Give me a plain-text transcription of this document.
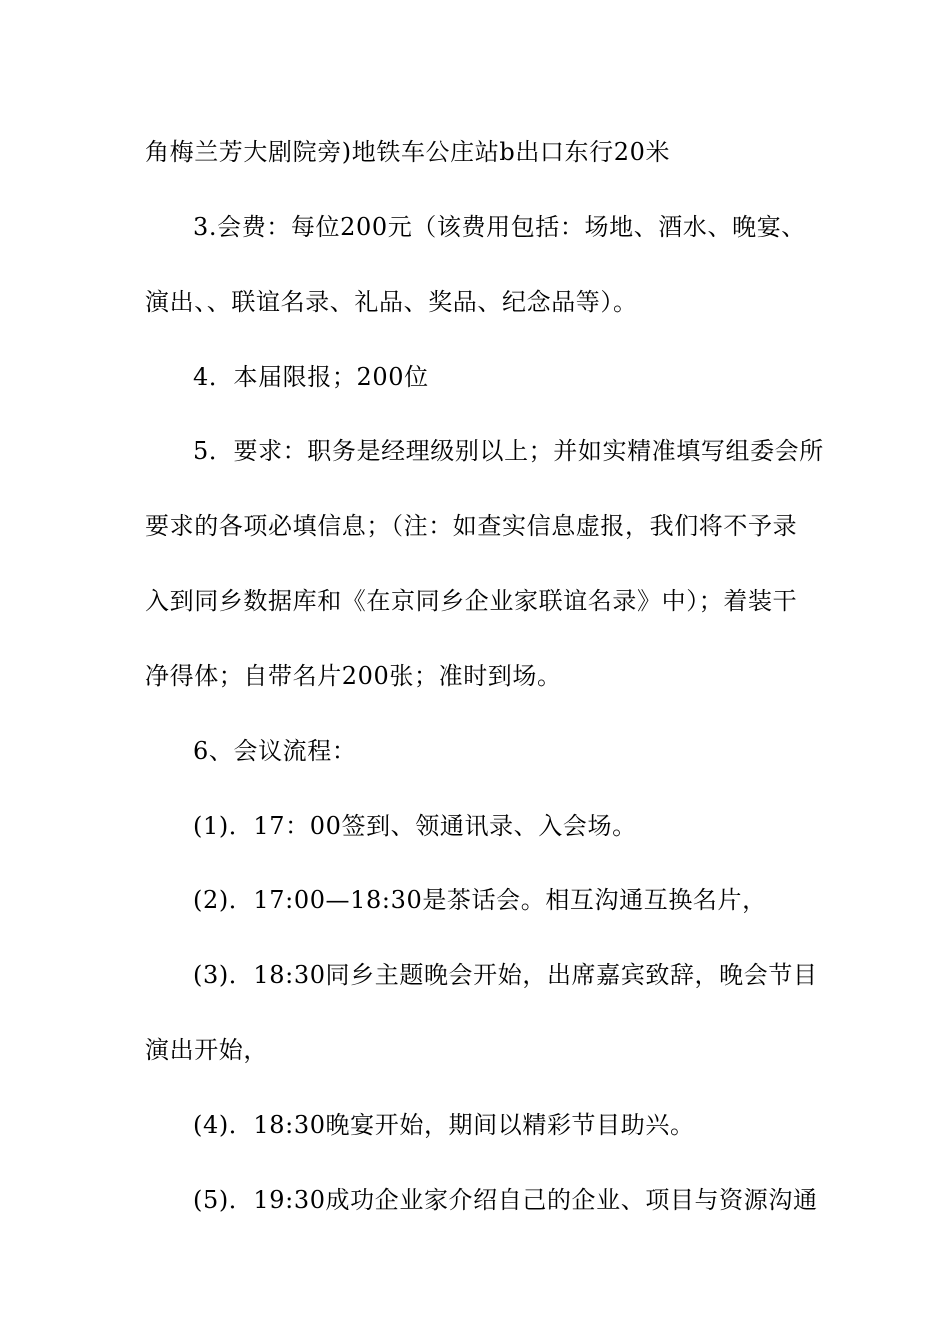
角梅兰芳大剧院旁)地铁车公庄站b出口东行20米
3.会费：每位200元（该费用包括：场地、酒水、晚宴、
演出、、联谊名录、礼品、奖品、纪念品等）。
4．本届限报；200位
5．要求：职务是经理级别以上；并如实精准填写组委会所
要求的各项必填信息；（注：如查实信息虚报，我们将不予录
入到同乡数据库和《在京同乡企业家联谊名录》中）；着装干
净得体；自带名片200张；准时到场。
6、会议流程：
(1)．17：00签到、领通讯录、入会场。
(2)．17:00—18:30是茶话会。相互沟通互换名片，
(3)．18:30同乡主题晚会开始，出席嘉宾致辞，晚会节目
演出开始，
(4)．18:30晚宴开始，期间以精彩节目助兴。
(5)．19:30成功企业家介绍自己的企业、项目与资源沟通
